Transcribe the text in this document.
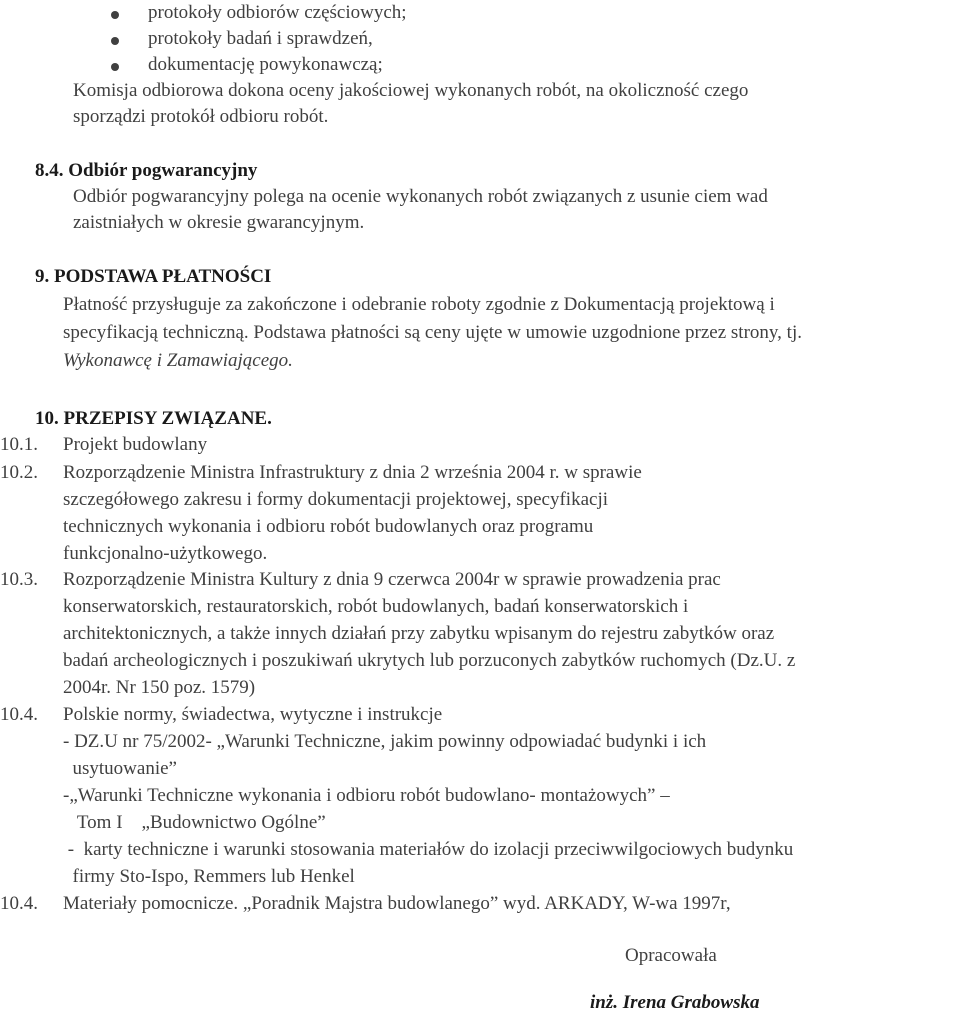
protokoły odbiorów częściowych;
protokoły badań i sprawdzeń,
dokumentację powykonawczą;
Komisja odbiorowa dokona oceny jakościowej wykonanych robót, na okoliczność czego
sporządzi protokół odbioru robót.
8.4. Odbiór pogwarancyjny
Odbiór pogwarancyjny polega na ocenie wykonanych robót związanych z usunie ciem wad
zaistniałych w okresie gwarancyjnym.
9. PODSTAWA PŁATNOŚCI
Płatność przysługuje za zakończone i odebranie roboty zgodnie z Dokumentacją projektową i
specyfikacją techniczną. Podstawa płatności są ceny ujęte w umowie uzgodnione przez strony, tj.
Wykonawcę i Zamawiającego.
10. PRZEPISY ZWIĄZANE.
10.1. Projekt budowlany
10.2. Rozporządzenie Ministra Infrastruktury z dnia 2 września 2004 r. w sprawie
szczegółowego zakresu i formy dokumentacji projektowej, specyfikacji
technicznych wykonania i odbioru robót budowlanych oraz programu
funkcjonalno-użytkowego.
10.3. Rozporządzenie Ministra Kultury z dnia 9 czerwca 2004r w sprawie prowadzenia prac
konserwatorskich, restauratorskich, robót budowlanych, badań konserwatorskich i
architektonicznych, a także innych działań przy zabytku wpisanym do rejestru zabytków oraz
badań archeologicznych i poszukiwań ukrytych lub porzuconych zabytków ruchomych (Dz.U. z
2004r. Nr 150 poz. 1579)
10.4. Polskie normy, świadectwa, wytyczne i instrukcje
- DZ.U nr 75/2002- „Warunki Techniczne, jakim powinny odpowiadać budynki i ich
usytuowanie”
-„Warunki Techniczne wykonania i odbioru robót budowlano- montażowych” –
Tom I    „Budownictwo Ogólne”
-  karty techniczne i warunki stosowania materiałów do izolacji przeciwwilgociowych budynku
firmy Sto-Ispo, Remmers lub Henkel
10.4. Materiały pomocnicze. „Poradnik Majstra budowlanego” wyd. ARKADY, W-wa 1997r,
Opracowała
inż. Irena Grabowska
